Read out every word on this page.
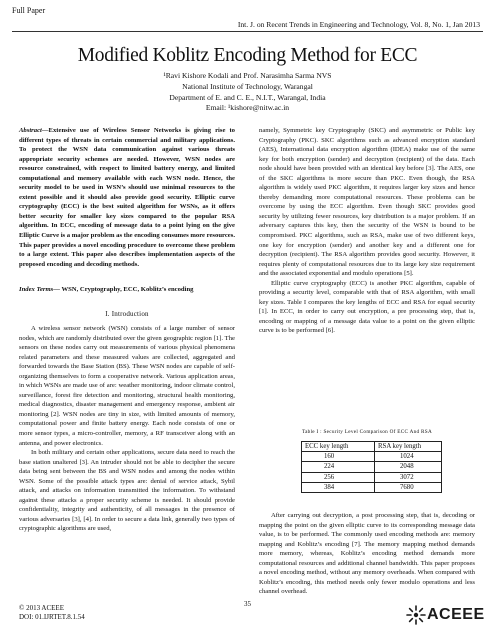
Full Paper
Int. J. on Recent Trends in Engineering and Technology, Vol. 8, No. 1, Jan 2013
Modified Koblitz Encoding Method for ECC
¹Ravi Kishore Kodali and Prof. Narasimha Sarma NVS
National Institute of Technology, Warangal
Department of E. and C. E., N.I.T., Warangal, India
Email: ¹kishore@nitw.ac.in

Abstract—Extensive use of Wireless Sensor Networks is giving rise to different types of threats in certain commercial and military applications. To protect the WSN data communication against various threats appropriate security schemes are needed. However, WSN nodes are resource constrained, with respect to limited battery energy, and limited computational and memory available with each WSN node. Hence, the security model to be used in WSN’s should use minimal resources to the extent possible and it should also provide good security. Elliptic curve cryptography (ECC) is the best suited algorithm for WSNs, as it offers better security for smaller key sizes compared to the popular RSA algorithm. In ECC, encoding of message data to a point lying on the give Elliptic Curve is a major problem as the encoding consumes more resources. This paper provides a novel encoding procedure to overcome these problem to a large extent. This paper also describes implementation aspects of the proposed encoding and decoding methods.

Index Terms— WSN, Cryptography, ECC, Koblitz’s encoding

I. Introduction

A wireless sensor network (WSN) consists of a large number of sensor nodes, which are randomly distributed over the given geographic region [1]. The sensors on these nodes carry out measurements of various physical phenomena related parameters and these measured values are collected, aggregated and forwarded towards the Base Station (BS). These WSN nodes are capable of self- organizing themselves to form a cooperative network. Various application areas, in which WSNs are made use of are: weather monitoring, indoor climate control, surveillance, forest fire detection and monitoring, structural health monitoring, medical diagnostics, disaster management and emergency response, ambient air monitoring [2]. WSN nodes are tiny in size, with limited amounts of memory, computational power and finite battery energy. Each node consists of one or more sensor types, a micro-controller, memory, a RF transceiver along with an antenna, and power electronics.

In both military and certain other applications, secure data need to reach the base station unaltered [3]. An intruder should not be able to decipher the secure data being sent between the BS and WSN nodes and among the nodes within WSN. Some of the possible attack types are: denial of service attack, Sybil attack, and attacks on information transmitted the information. To withstand against these attacks a proper security scheme is needed. It should provide confidentiality, integrity and authenticity, of all messages in the presence of various adversaries [3], [4]. In order to secure a data link, generally two types of cryptographic algorithms are used,

namely, Symmetric key Cryptography (SKC) and asymmetric or Public key Cryptography (PKC). SKC algorithms such as advanced encryption standard (AES), International data encryption algorithm (IDEA) make use of the same key for both encryption (sender) and decryption (recipient) of the data. Each node should have been provided with an identical key before [3]. The AES, one of the SKC algorithms is more secure than PKC. Even though, the RSA algorithm is widely used PKC algorithm, it requires larger key sizes and hence thereby demanding more computational resources. These problems can be overcome by using the ECC algorithm. Even though SKC provides good security by utilizing fewer resources, key distribution is a major problem. If an adversary captures this key, then the security of the WSN is bound to be compromised. PKC algorithms, such as RSA, make use of two different keys, one key for encryption (sender) and another key and a different one for decryption (recipient). The RSA algorithm provides good security. However, it requires plenty of computational resources due to its large key size requirement and the associated exponential and modulo operations [5].

Elliptic curve cryptography (ECC) is another PKC algorithm, capable of providing a security level, comparable with that of RSA algorithm, with small key sizes. Table I compares the key lengths of ECC and RSA for equal security [1]. In ECC, in order to carry out encryption, a pre processing step, that is, encoding or mapping of a message data value to a point on the given elliptic curve is to be performed [6].

Table I : Security Level Comparison Of ECC And RSA
ECC key length	RSA key length
160	1024
224	2048
256	3072
384	7680

After carrying out decryption, a post processing step, that is, decoding or mapping the point on the given elliptic curve to its corresponding message data value, is to be performed. The commonly used encoding methods are: memory mapping and Koblitz’s encoding [7]. The memory mapping method demands more memory, whereas, Koblitz’s encoding method demands more computational resources and additional channel bandwidth. This paper proposes a novel encoding method, without any memory overheads. When compared with Koblitz’s encoding, this method needs only fewer modulo operations and less channel overhead.

© 2013 ACEEE
DOI: 01.IJRTET.8.1.54
35
ACEEE
